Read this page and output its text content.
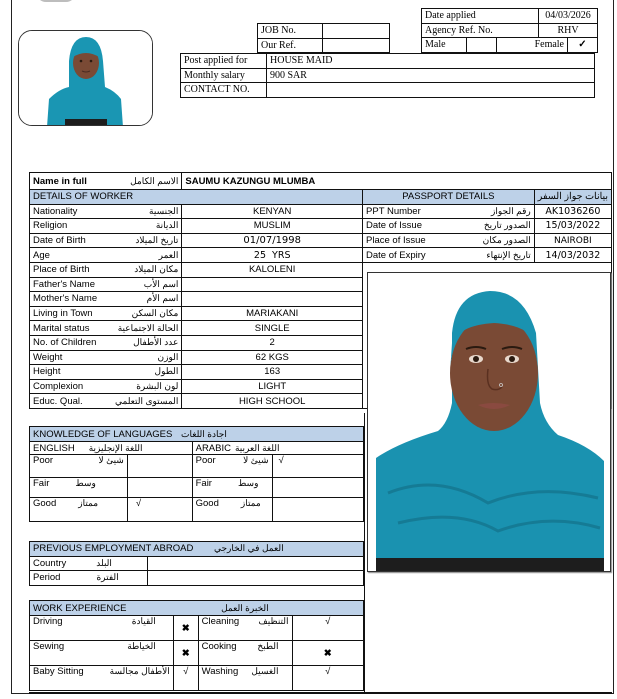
JOB No.	
Our Ref.	
Date applied			04/03/2026	
Agency Ref. No.			RHV	
Male		Female		✓
Post applied for	HOUSE MAID
Monthly salary	900 SAR
CONTACT NO.	
Name in full الاسم الكامل	SAUMU KAZUNGU MLUMBA		
DETAILS OF WORKER		PASSPORT DETAILS	بيانات جواز السفر

Nationality الجنسية	KENYAN	PPT Number رقم الجواز	AK1036260

Religion الديانة	MUSLIM	Date of Issue الصدور تاريخ	15/03/2022

Date of Birth تاريخ الميلاد	01/07/1998	Place of Issue الصدور مكان	NAIROBI

Age العمر	25  YRS	Date of Expiry تاريخ الإنتهاء	14/03/2032

Place of Birth مكان الميلاد	KALOLENI		

Father's Name اسم الأب			

Mother's Name اسم الأم			

Living in Town مكان السكن	MARIAKANI		

Marital status الحالة الاجتماعية	SINGLE		

No. of Children عدد الأطفال	2		

Weight الوزن	62 KGS		

Height الطول	163		

Complexion لون البشرة	LIGHT		

Educ. Qual. المستوى التعلمي	HIGH SCHOOL		
KNOWLEDGE OF LANGUAGES اجادة اللغات			

ENGLISH اللغة الإنجليزية		ARABIC اللغة العربية	

Poor شيئ لا		Poor شيئ لا	√

Fair وسط		Fair وسط	

Good ممتاز	√	Good ممتاز	

PREVIOUS EMPLOYMENT ABROAD العمل في الخارجي	

Country البلد	

Period الفترة	

WORK EXPERIENCE الخبرة العمل			

Driving القيادة	✖	Cleaning التنظيف	√

Sewing الخياطة	✖	Cooking الطبخ	✖

Baby Sitting الأطفال مجالسة	√	Washing الغسيل	√
